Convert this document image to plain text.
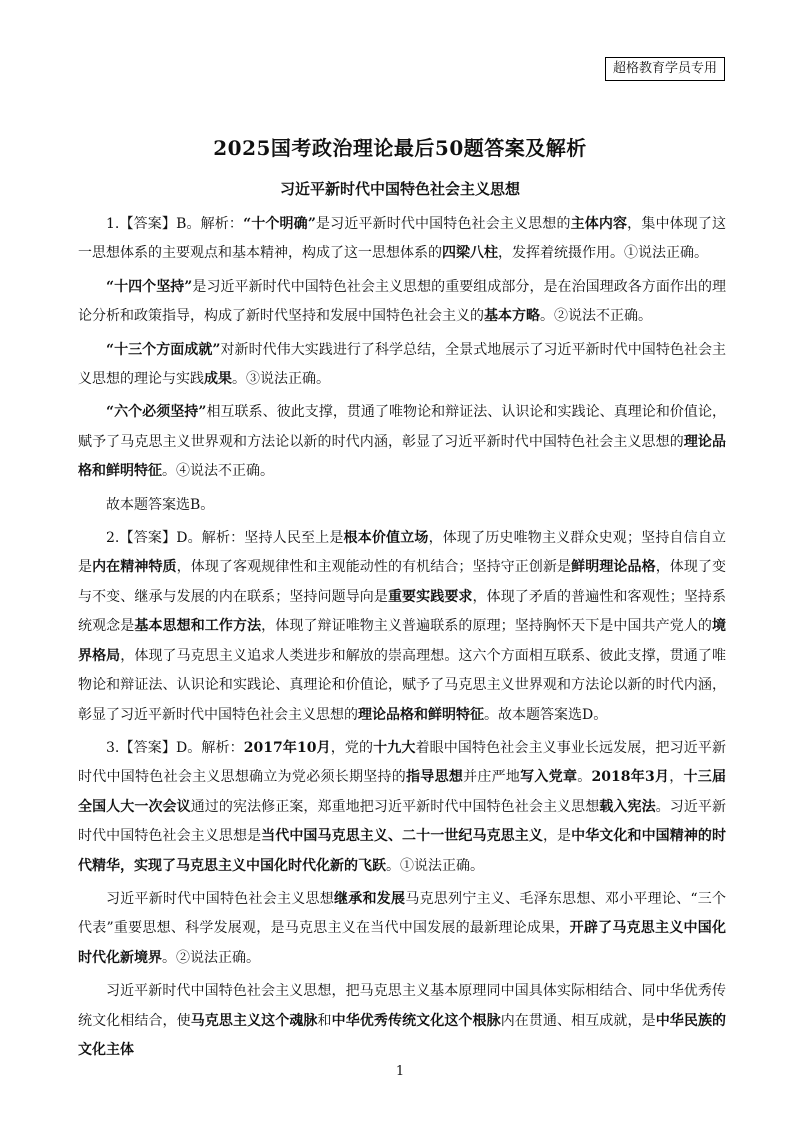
超格教育学员专用
2025国考政治理论最后50题答案及解析
习近平新时代中国特色社会主义思想

1.【答案】B。解析：“十个明确”是习近平新时代中国特色社会主义思想的主体内容，集中体现了这一思想体系的主要观点和基本精神，构成了这一思想体系的四梁八柱，发挥着统摄作用。①说法正确。

“十四个坚持”是习近平新时代中国特色社会主义思想的重要组成部分，是在治国理政各方面作出的理论分析和政策指导，构成了新时代坚持和发展中国特色社会主义的基本方略。②说法不正确。

“十三个方面成就”对新时代伟大实践进行了科学总结，全景式地展示了习近平新时代中国特色社会主义思想的理论与实践成果。③说法正确。

“六个必须坚持”相互联系、彼此支撑，贯通了唯物论和辩证法、认识论和实践论、真理论和价值论，赋予了马克思主义世界观和方法论以新的时代内涵，彰显了习近平新时代中国特色社会主义思想的理论品格和鲜明特征。④说法不正确。

故本题答案选B。

2.【答案】D。解析：坚持人民至上是根本价值立场，体现了历史唯物主义群众史观；坚持自信自立是内在精神特质，体现了客观规律性和主观能动性的有机结合；坚持守正创新是鲜明理论品格，体现了变与不变、继承与发展的内在联系；坚持问题导向是重要实践要求，体现了矛盾的普遍性和客观性；坚持系统观念是基本思想和工作方法，体现了辩证唯物主义普遍联系的原理；坚持胸怀天下是中国共产党人的境界格局，体现了马克思主义追求人类进步和解放的崇高理想。这六个方面相互联系、彼此支撑，贯通了唯物论和辩证法、认识论和实践论、真理论和价值论，赋予了马克思主义世界观和方法论以新的时代内涵，彰显了习近平新时代中国特色社会主义思想的理论品格和鲜明特征。故本题答案选D。

3.【答案】D。解析：2017年10月，党的十九大着眼中国特色社会主义事业长远发展，把习近平新时代中国特色社会主义思想确立为党必须长期坚持的指导思想并庄严地写入党章。2018年3月，十三届全国人大一次会议通过的宪法修正案，郑重地把习近平新时代中国特色社会主义思想载入宪法。习近平新时代中国特色社会主义思想是当代中国马克思主义、二十一世纪马克思主义，是中华文化和中国精神的时代精华，实现了马克思主义中国化时代化新的飞跃。①说法正确。

习近平新时代中国特色社会主义思想继承和发展马克思列宁主义、毛泽东思想、邓小平理论、“三个代表”重要思想、科学发展观，是马克思主义在当代中国发展的最新理论成果，开辟了马克思主义中国化时代化新境界。②说法正确。

习近平新时代中国特色社会主义思想，把马克思主义基本原理同中国具体实际相结合、同中华优秀传统文化相结合，使马克思主义这个魂脉和中华优秀传统文化这个根脉内在贯通、相互成就，是中华民族的文化主体

1
